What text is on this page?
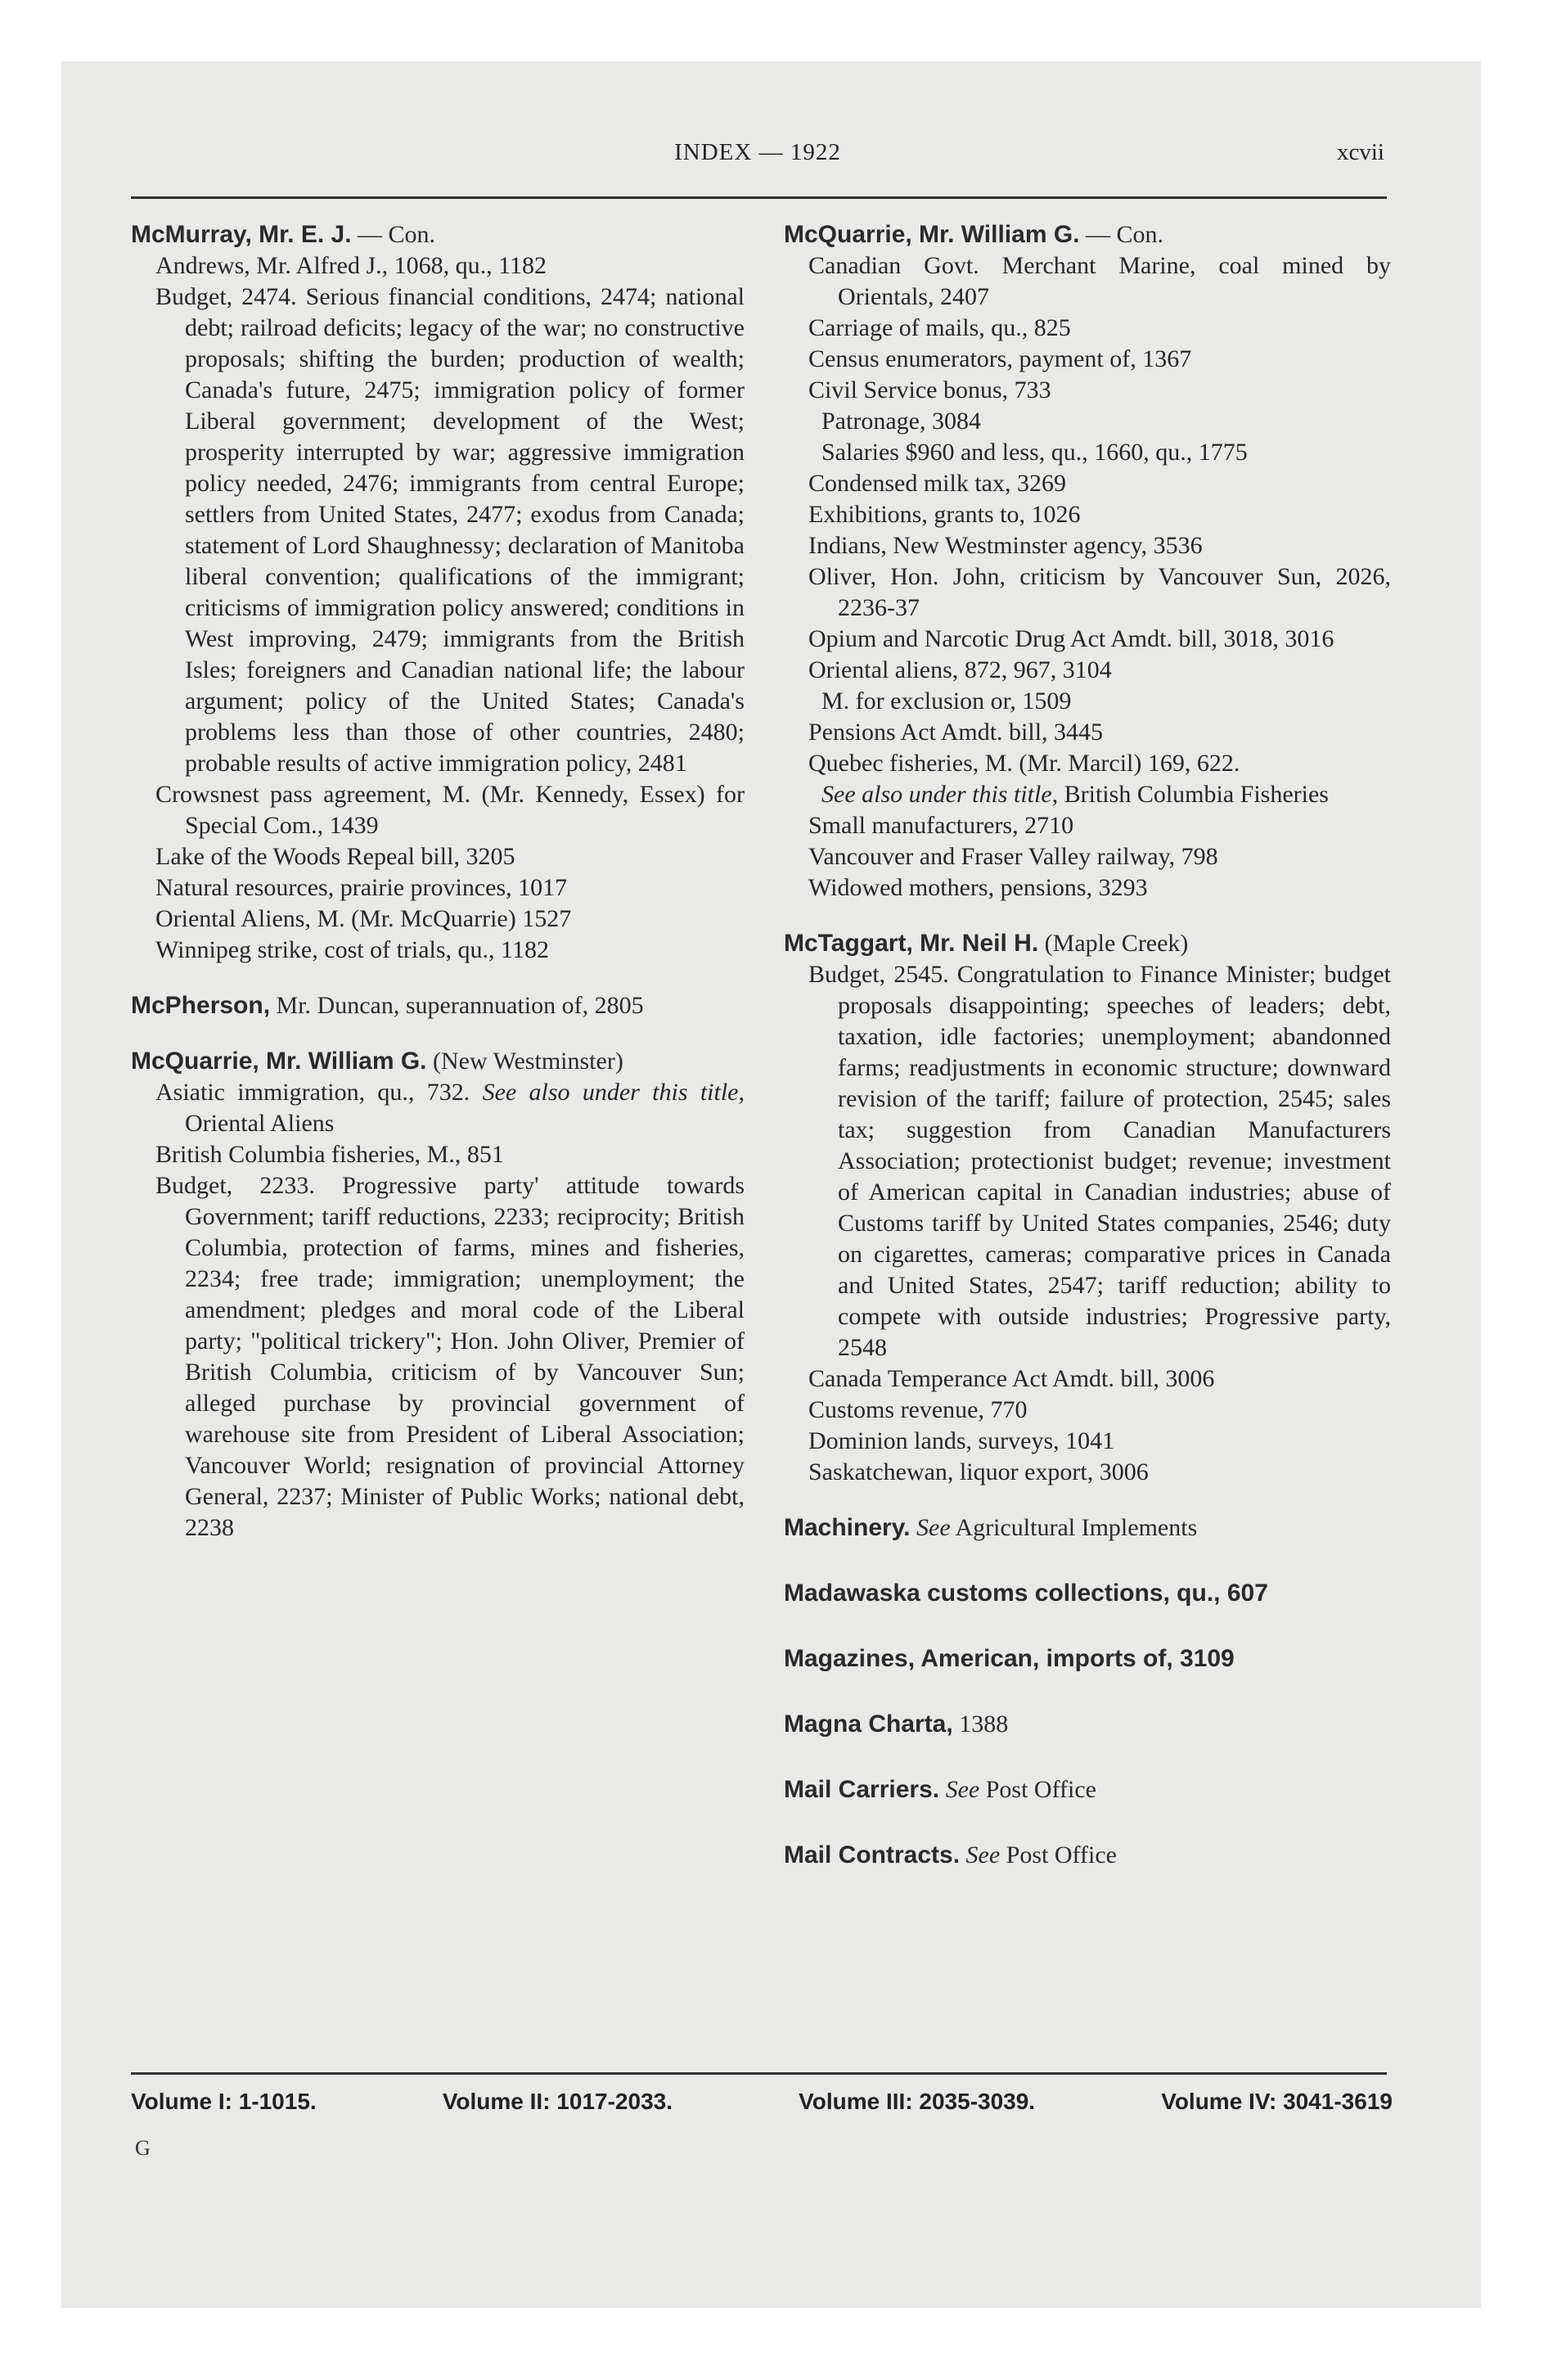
INDEX — 1922	xcvii

McMurray, Mr. E. J. — Con.

Andrews, Mr. Alfred J., 1068, qu., 1182

Budget, 2474. Serious financial conditions, 2474; national debt; railroad deficits; legacy of the war; no constructive proposals; shifting the burden; production of wealth; Canada's future, 2475; immigration policy of former Liberal government; development of the West; prosperity interrupted by war; aggressive immigration policy needed, 2476; immigrants from central Europe; settlers from United States, 2477; exodus from Canada; statement of Lord Shaughnessy; declaration of Manitoba liberal convention; qualifications of the immigrant; criticisms of immigration policy answered; conditions in West improving, 2479; immigrants from the British Isles; foreigners and Canadian national life; the labour argument; policy of the United States; Canada's problems less than those of other countries, 2480; probable results of active immigration policy, 2481

Crowsnest pass agreement, M. (Mr. Kennedy, Essex) for Special Com., 1439

Lake of the Woods Repeal bill, 3205

Natural resources, prairie provinces, 1017

Oriental Aliens, M. (Mr. McQuarrie) 1527

Winnipeg strike, cost of trials, qu., 1182

McPherson, Mr. Duncan, superannuation of, 2805

McQuarrie, Mr. William G. (New Westminster)

Asiatic immigration, qu., 732. See also under this title, Oriental Aliens

British Columbia fisheries, M., 851

Budget, 2233. Progressive party' attitude towards Government; tariff reductions, 2233; reciprocity; British Columbia, protection of farms, mines and fisheries, 2234; free trade; immigration; unemployment; the amendment; pledges and moral code of the Liberal party; "political trickery"; Hon. John Oliver, Premier of British Columbia, criticism of by Vancouver Sun; alleged purchase by provincial government of warehouse site from President of Liberal Association; Vancouver World; resignation of provincial Attorney General, 2237; Minister of Public Works; national debt, 2238

McQuarrie, Mr. William G. — Con.

Canadian Govt. Merchant Marine, coal mined by Orientals, 2407

Carriage of mails, qu., 825

Census enumerators, payment of, 1367

Civil Service bonus, 733

Patronage, 3084

Salaries $960 and less, qu., 1660, qu., 1775

Condensed milk tax, 3269

Exhibitions, grants to, 1026

Indians, New Westminster agency, 3536

Oliver, Hon. John, criticism by Vancouver Sun, 2026, 2236-37

Opium and Narcotic Drug Act Amdt. bill, 3018, 3016

Oriental aliens, 872, 967, 3104

M. for exclusion or, 1509

Pensions Act Amdt. bill, 3445

Quebec fisheries, M. (Mr. Marcil) 169, 622.

See also under this title, British Columbia Fisheries

Small manufacturers, 2710

Vancouver and Fraser Valley railway, 798

Widowed mothers, pensions, 3293

McTaggart, Mr. Neil H. (Maple Creek)

Budget, 2545. Congratulation to Finance Minister; budget proposals disappointing; speeches of leaders; debt, taxation, idle factories; unemployment; abandonned farms; readjustments in economic structure; downward revision of the tariff; failure of protection, 2545; sales tax; suggestion from Canadian Manufacturers Association; protectionist budget; revenue; investment of American capital in Canadian industries; abuse of Customs tariff by United States companies, 2546; duty on cigarettes, cameras; comparative prices in Canada and United States, 2547; tariff reduction; ability to compete with outside industries; Progressive party, 2548

Canada Temperance Act Amdt. bill, 3006

Customs revenue, 770

Dominion lands, surveys, 1041

Saskatchewan, liquor export, 3006

Machinery. See Agricultural Implements

Madawaska customs collections, qu., 607

Magazines, American, imports of, 3109

Magna Charta, 1388

Mail Carriers. See Post Office

Mail Contracts. See Post Office

Volume I: 1-1015.	Volume II: 1017-2033.	Volume III: 2035-3039.	Volume IV: 3041-3619
G
